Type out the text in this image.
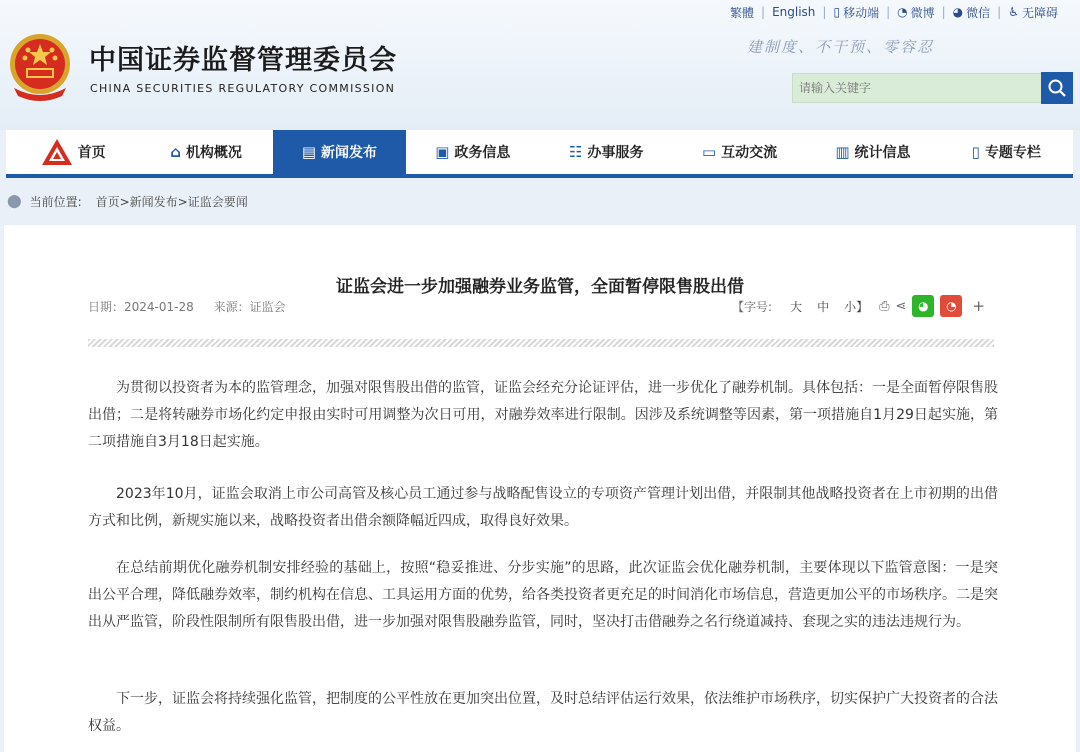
繁體 | English | ▯ 移动端 | ◔ 微博 | ◕ 微信 | ♿ 无障碍
中国证券监督管理委员会
CHINA SECURITIES REGULATORY COMMISSION
建制度、不干预、零容忍
请输入关键字
首页	⌂ 机构概况	▤ 新闻发布	▣ 政务信息	☷ 办事服务	▭ 互动交流	▥ 统计信息	▯ 专题专栏
⬤ 当前位置: 首页>新闻发布>证监会要闻
证监会进一步加强融券业务监管，全面暂停限售股出借
日期：2024-01-28 来源：证监会	【字号: 大 中 小】 ⎙ ⋖ ◕ ◔ +

为贯彻以投资者为本的监管理念，加强对限售股出借的监管，证监会经充分论证评估，进一步优化了融券机制。具体包括：一是全面暂停限售股出借；二是将转融券市场化约定申报由实时可用调整为次日可用，对融券效率进行限制。因涉及系统调整等因素，第一项措施自1月29日起实施，第二项措施自3月18日起实施。

2023年10月，证监会取消上市公司高管及核心员工通过参与战略配售设立的专项资产管理计划出借，并限制其他战略投资者在上市初期的出借方式和比例，新规实施以来，战略投资者出借余额降幅近四成，取得良好效果。

在总结前期优化融券机制安排经验的基础上，按照“稳妥推进、分步实施”的思路，此次证监会优化融券机制，主要体现以下监管意图：一是突出公平合理，降低融券效率，制约机构在信息、工具运用方面的优势，给各类投资者更充足的时间消化市场信息，营造更加公平的市场秩序。二是突出从严监管，阶段性限制所有限售股出借，进一步加强对限售股融券监管，同时，坚决打击借融券之名行绕道减持、套现之实的违法违规行为。

下一步，证监会将持续强化监管，把制度的公平性放在更加突出位置，及时总结评估运行效果，依法维护市场秩序，切实保护广大投资者的合法权益。
